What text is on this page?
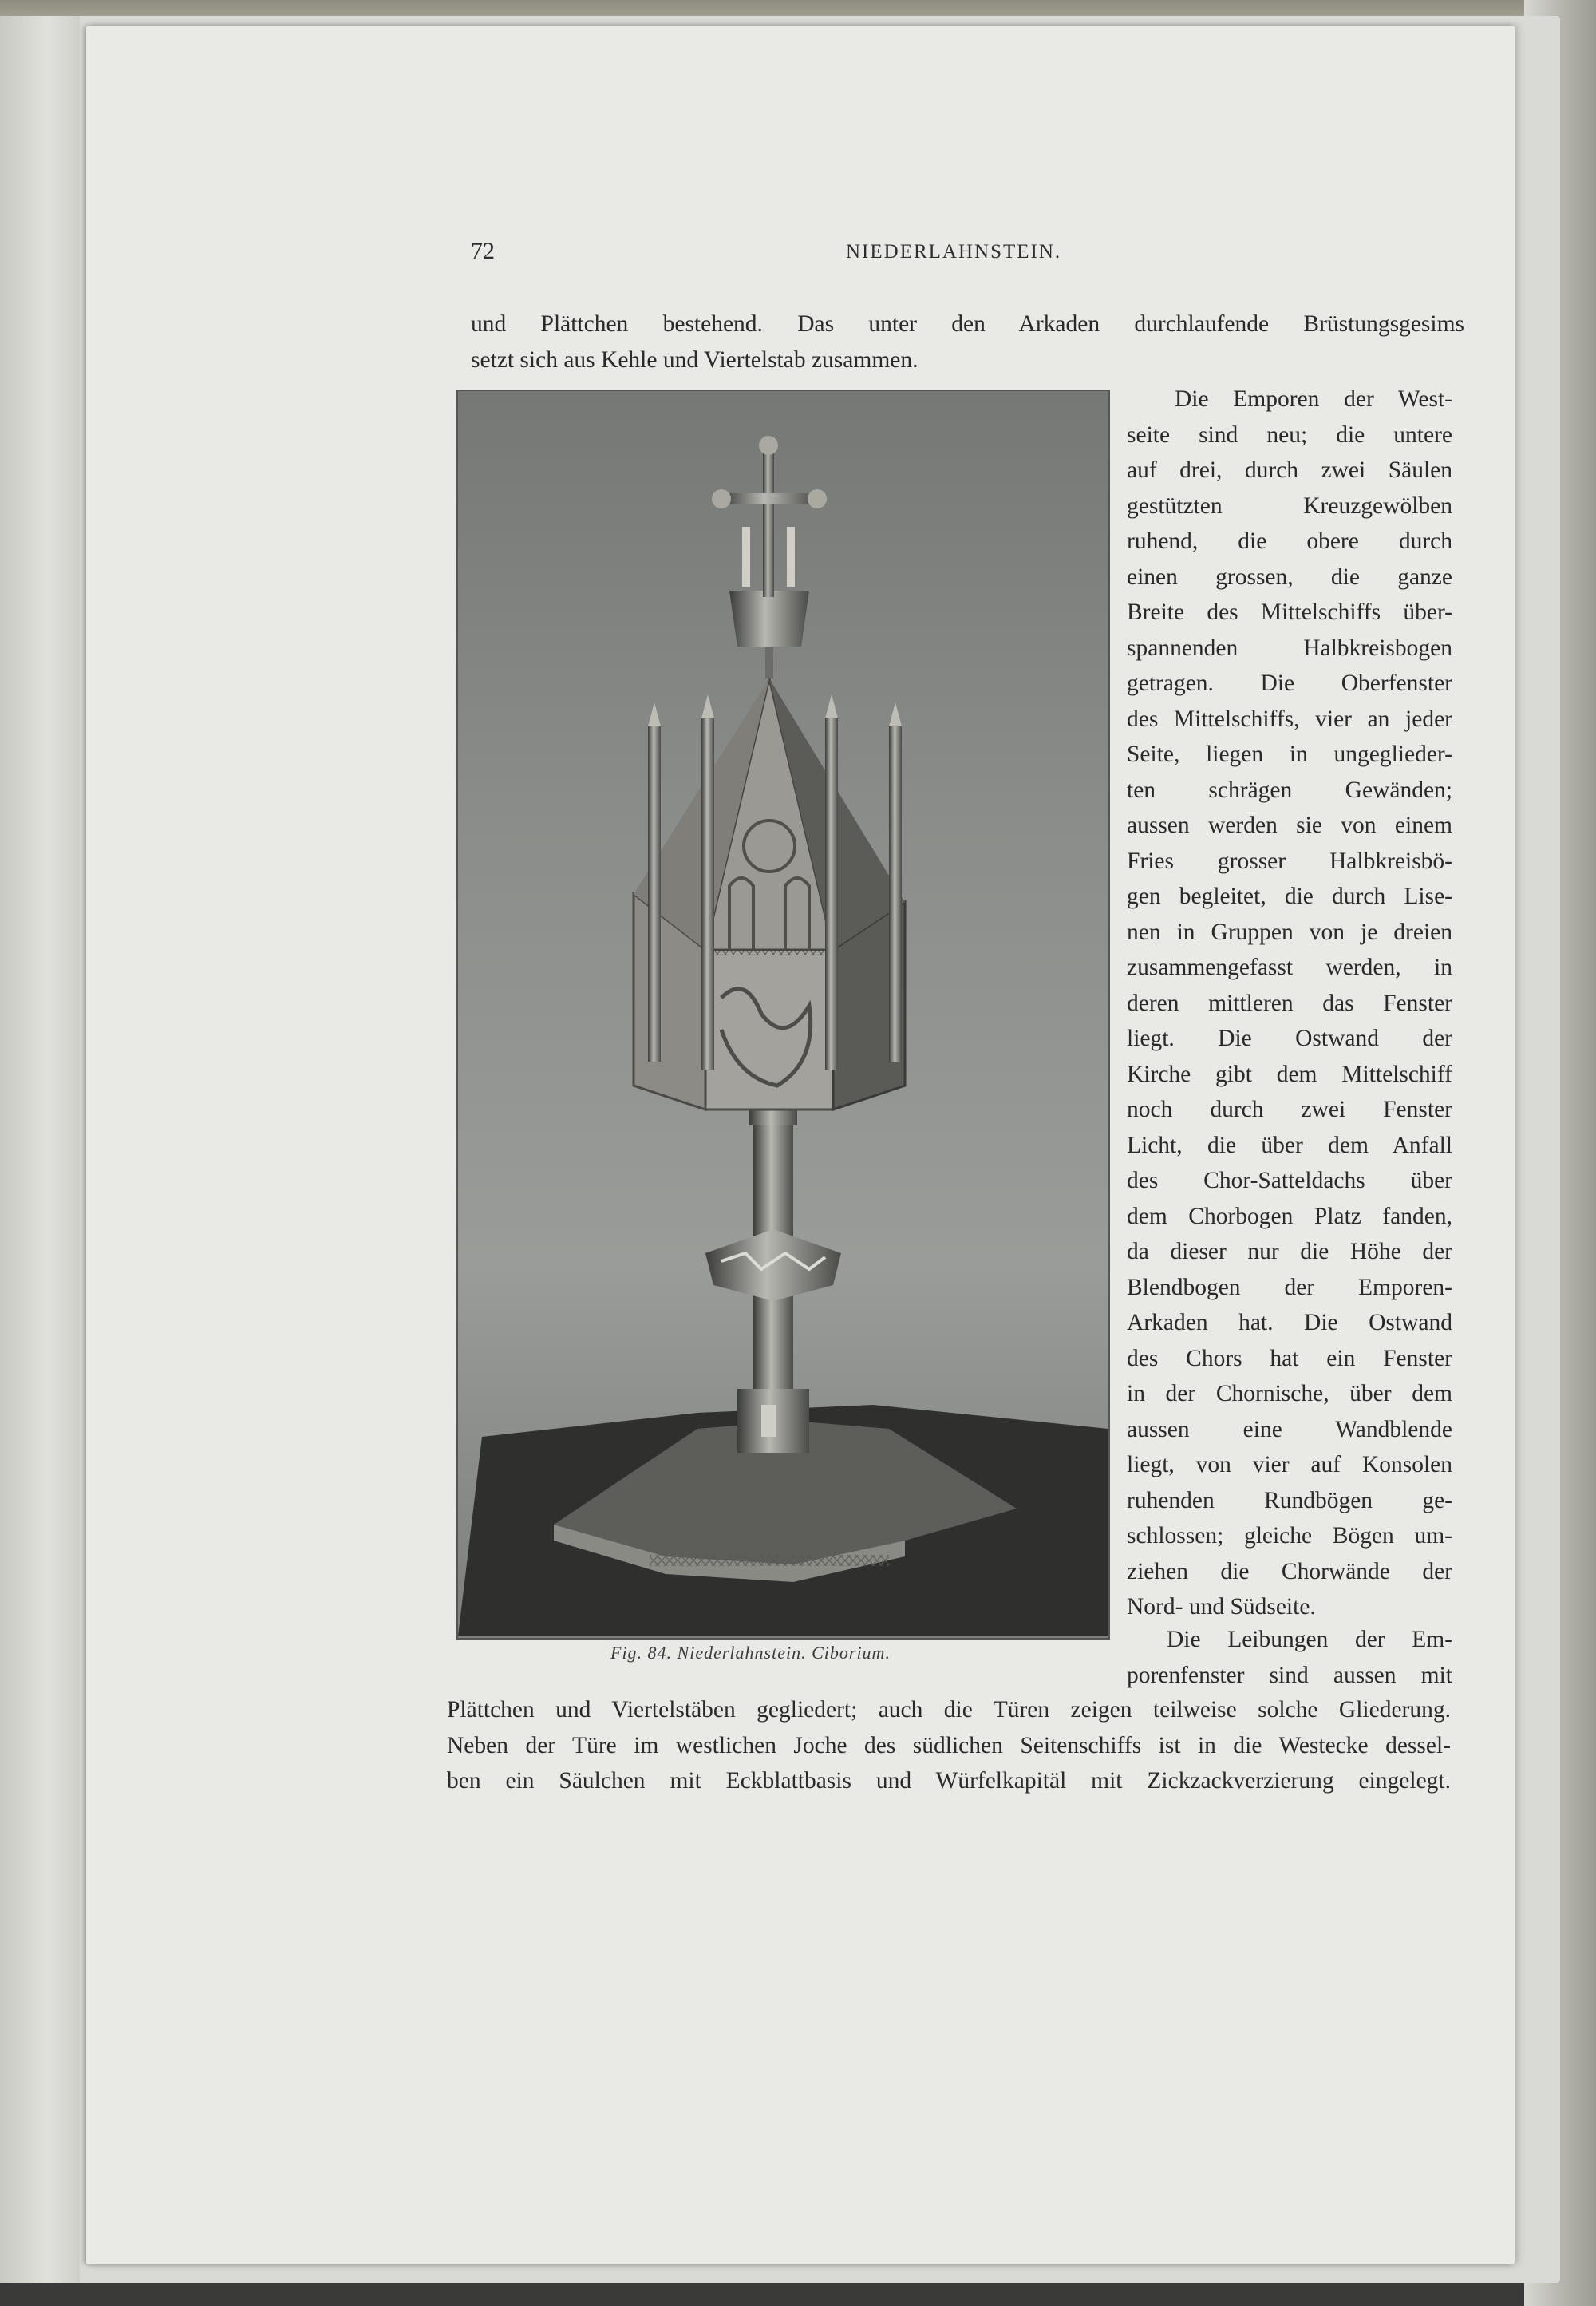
72	NIEDERLAHNSTEIN.
und Plättchen bestehend. Das unter den Arkaden durchlaufende Brüstungsgesims
setzt sich aus Kehle und Viertelstab zusammen.
Fig. 84. Niederlahnstein. Ciborium.
Die Emporen der West-
seite sind neu; die untere
auf drei, durch zwei Säulen
gestützten Kreuzgewölben
ruhend, die obere durch
einen grossen, die ganze
Breite des Mittelschiffs über-
spannenden Halbkreisbogen
getragen. Die Oberfenster
des Mittelschiffs, vier an jeder
Seite, liegen in ungeglieder-
ten schrägen Gewänden;
aussen werden sie von einem
Fries grosser Halbkreisbö-
gen begleitet, die durch Lise-
nen in Gruppen von je dreien
zusammengefasst werden, in
deren mittleren das Fenster
liegt. Die Ostwand der
Kirche gibt dem Mittelschiff
noch durch zwei Fenster
Licht, die über dem Anfall
des Chor-Satteldachs über
dem Chorbogen Platz fanden,
da dieser nur die Höhe der
Blendbogen der Emporen-
Arkaden hat. Die Ostwand
des Chors hat ein Fenster
in der Chornische, über dem
aussen eine Wandblende
liegt, von vier auf Konsolen
ruhenden Rundbögen ge-
schlossen; gleiche Bögen um-
ziehen die Chorwände der
Nord- und Südseite.
Die Leibungen der Em-
porenfenster sind aussen mit
Plättchen und Viertelstäben gegliedert; auch die Türen zeigen teilweise solche Gliederung.
Neben der Türe im westlichen Joche des südlichen Seitenschiffs ist in die Westecke dessel-
ben ein Säulchen mit Eckblattbasis und Würfelkapitäl mit Zickzackverzierung eingelegt.
